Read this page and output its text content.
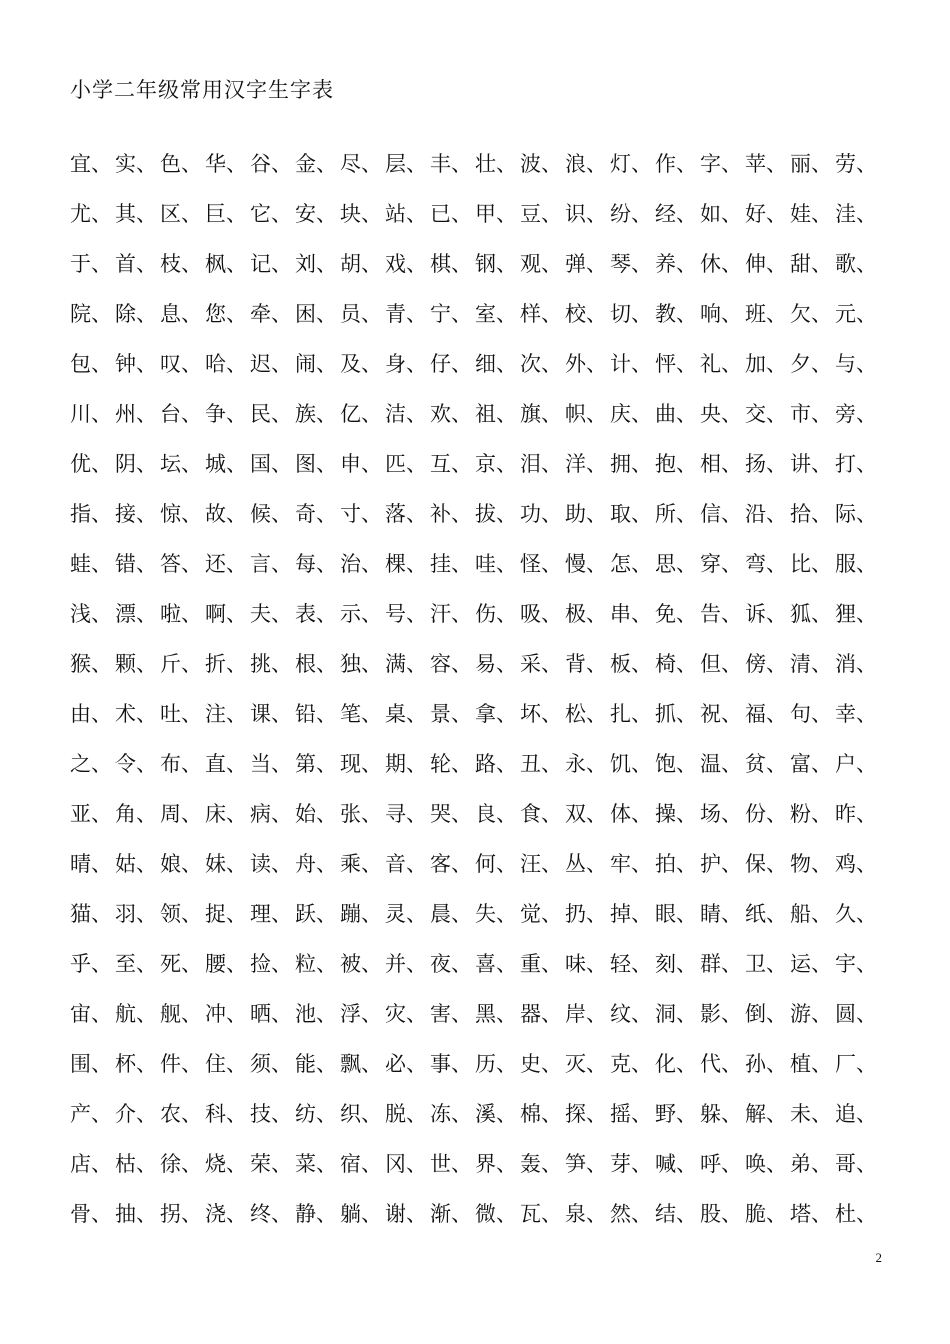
小学二年级常用汉字生字表
宜、 实、 色、 华、 谷、 金、 尽、 层、 丰、 壮、 波、 浪、 灯、 作、 字、 苹、 丽、 劳、
尤、 其、 区、 巨、 它、 安、 块、 站、 已、 甲、 豆、 识、 纷、 经、 如、 好、 娃、 洼、
于、 首、 枝、 枫、 记、 刘、 胡、 戏、 棋、 钢、 观、 弹、 琴、 养、 休、 伸、 甜、 歌、
院、 除、 息、 您、 牵、 困、 员、 青、 宁、 室、 样、 校、 切、 教、 响、 班、 欠、 元、
包、 钟、 叹、 哈、 迟、 闹、 及、 身、 仔、 细、 次、 外、 计、 怦、 礼、 加、 夕、 与、
川、 州、 台、 争、 民、 族、 亿、 洁、 欢、 祖、 旗、 帜、 庆、 曲、 央、 交、 市、 旁、
优、 阴、 坛、 城、 国、 图、 申、 匹、 互、 京、 泪、 洋、 拥、 抱、 相、 扬、 讲、 打、
指、 接、 惊、 故、 候、 奇、 寸、 落、 补、 拔、 功、 助、 取、 所、 信、 沿、 拾、 际、
蛙、 错、 答、 还、 言、 每、 治、 棵、 挂、 哇、 怪、 慢、 怎、 思、 穿、 弯、 比、 服、
浅、 漂、 啦、 啊、 夫、 表、 示、 号、 汗、 伤、 吸、 极、 串、 免、 告、 诉、 狐、 狸、
猴、 颗、 斤、 折、 挑、 根、 独、 满、 容、 易、 采、 背、 板、 椅、 但、 傍、 清、 消、
由、 术、 吐、 注、 课、 铅、 笔、 桌、 景、 拿、 坏、 松、 扎、 抓、 祝、 福、 句、 幸、
之、 令、 布、 直、 当、 第、 现、 期、 轮、 路、 丑、 永、 饥、 饱、 温、 贫、 富、 户、
亚、 角、 周、 床、 病、 始、 张、 寻、 哭、 良、 食、 双、 体、 操、 场、 份、 粉、 昨、
晴、 姑、 娘、 妹、 读、 舟、 乘、 音、 客、 何、 汪、 丛、 牢、 拍、 护、 保、 物、 鸡、
猫、 羽、 领、 捉、 理、 跃、 蹦、 灵、 晨、 失、 觉、 扔、 掉、 眼、 睛、 纸、 船、 久、
乎、 至、 死、 腰、 捡、 粒、 被、 并、 夜、 喜、 重、 味、 轻、 刻、 群、 卫、 运、 宇、
宙、 航、 舰、 冲、 晒、 池、 浮、 灾、 害、 黑、 器、 岸、 纹、 洞、 影、 倒、 游、 圆、
围、 杯、 件、 住、 须、 能、 飘、 必、 事、 历、 史、 灭、 克、 化、 代、 孙、 植、 厂、
产、 介、 农、 科、 技、 纺、 织、 脱、 冻、 溪、 棉、 探、 摇、 野、 躲、 解、 未、 追、
店、 枯、 徐、 烧、 荣、 菜、 宿、 冈、 世、 界、 轰、 笋、 芽、 喊、 呼、 唤、 弟、 哥、
骨、 抽、 拐、 浇、 终、 静、 躺、 谢、 渐、 微、 瓦、 泉、 然、 结、 股、 脆、 塔、 杜、
2
